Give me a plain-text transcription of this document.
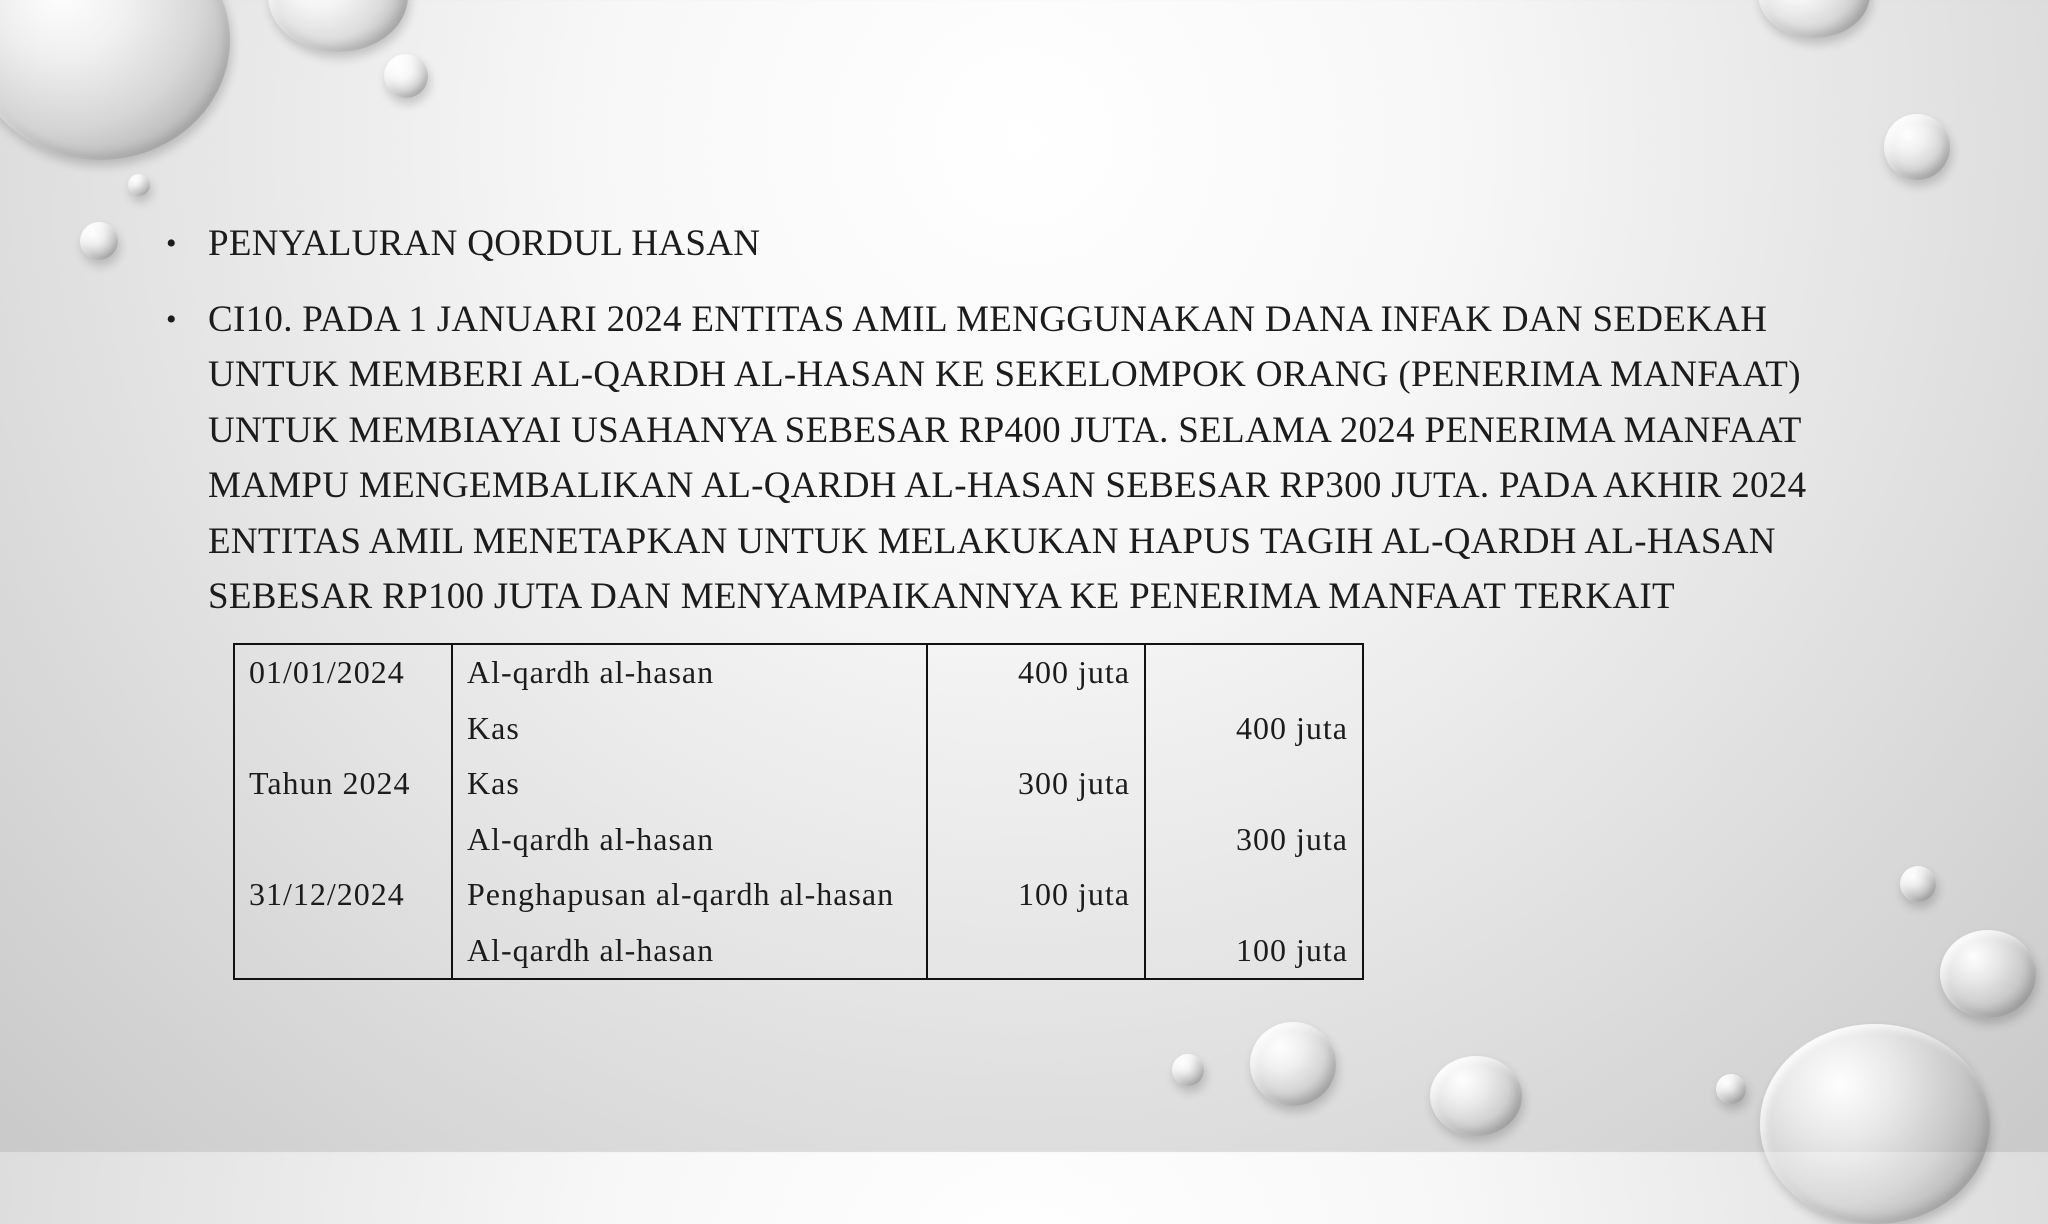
• PENYALURAN QORDUL HASAN
• CI10. PADA 1 JANUARI 2024 ENTITAS AMIL MENGGUNAKAN DANA INFAK DAN SEDEKAH UNTUK MEMBERI AL-QARDH AL-HASAN KE SEKELOMPOK ORANG (PENERIMA MANFAAT) UNTUK MEMBIAYAI USAHANYA SEBESAR RP400 JUTA. SELAMA 2024 PENERIMA MANFAAT MAMPU MENGEMBALIKAN AL-QARDH AL-HASAN SEBESAR RP300 JUTA. PADA AKHIR 2024 ENTITAS AMIL MENETAPKAN UNTUK MELAKUKAN HAPUS TAGIH AL-QARDH AL-HASAN SEBESAR RP100 JUTA DAN MENYAMPAIKANNYA KE PENERIMA MANFAAT TERKAIT
01/01/2024	Al-qardh al-hasan	400 juta	
	Kas		400 juta
Tahun 2024	Kas	300 juta	
	Al-qardh al-hasan		300 juta
31/12/2024	Penghapusan al-qardh al-hasan	100 juta	
	Al-qardh al-hasan		100 juta
